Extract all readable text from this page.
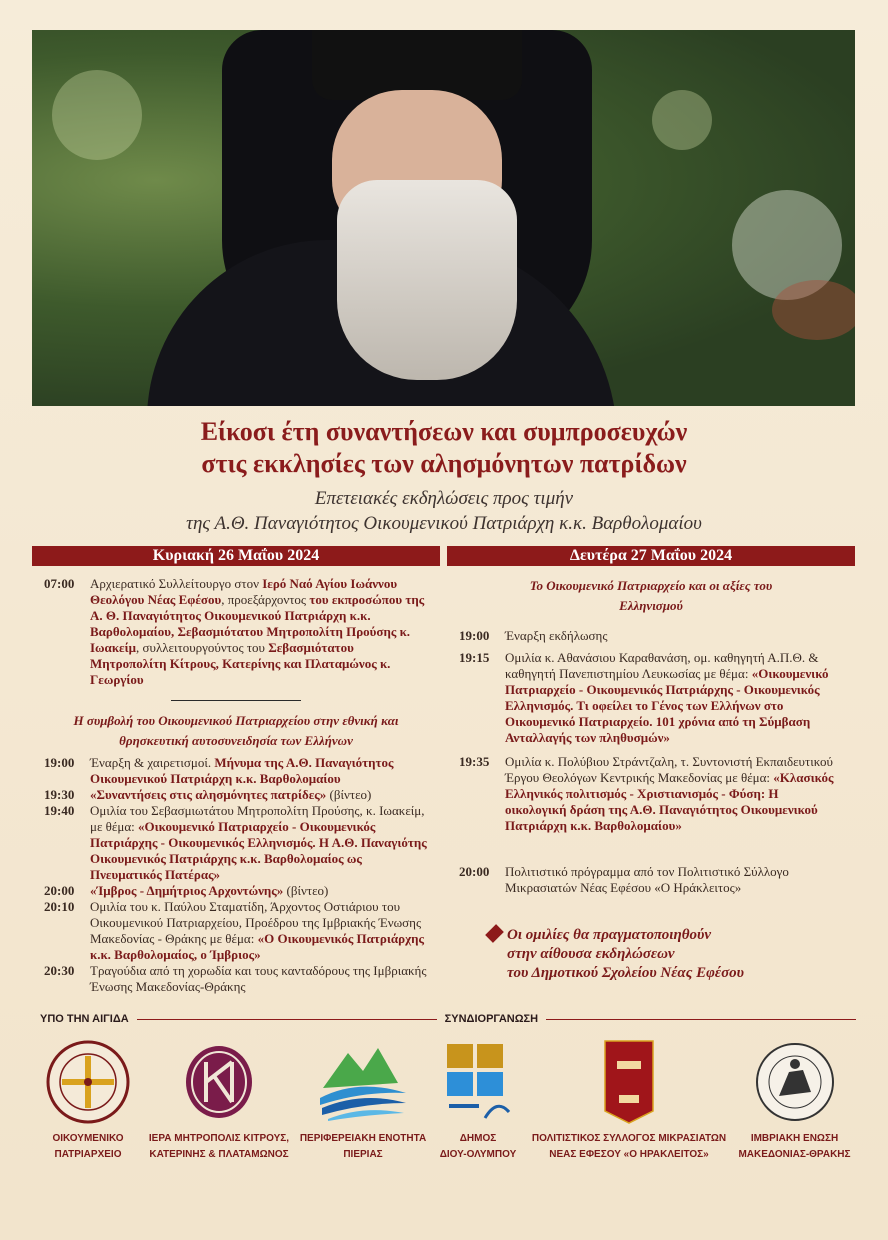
Είκοσι έτη συναντήσεων και συμπροσευχών
στις εκκλησίες των αλησμόνητων πατρίδων
Επετειακές εκδηλώσεις προς τιμήν
της Α.Θ. Παναγιότητος Οικουμενικού Πατριάρχη κ.κ. Βαρθολομαίου
Κυριακή 26 Μαΐου 2024
07:00	Αρχιερατικό Συλλείτουργο στον Ιερό Ναό Αγίου Ιωάννου Θεολόγου Νέας Εφέσου, προεξάρχοντος του εκπροσώπου της Α. Θ. Παναγιότητος Οικουμενικού Πατριάρχη κ.κ. Βαρθολομαίου, Σεβασμιότατου Μητροπολίτη Προύσης κ. Ιωακείμ, συλλειτουργούντος του Σεβασμιότατου Μητροπολίτη Κίτρους, Κατερίνης και Πλαταμώνος κ. Γεωργίου
Η συμβολή του Οικουμενικού Πατριαρχείου στην εθνική και θρησκευτική αυτοσυνειδησία των Ελλήνων
19:00	Έναρξη & χαιρετισμοί. Μήνυμα της Α.Θ. Παναγιότητος Οικουμενικού Πατριάρχη κ.κ. Βαρθολομαίου
19:30	«Συναντήσεις στις αλησμόνητες πατρίδες» (βίντεο)
19:40	Ομιλία του Σεβασμιωτάτου Μητροπολίτη Προύσης, κ. Ιωακείμ, με θέμα: «Οικουμενικό Πατριαρχείο - Οικουμενικός Πατριάρχης - Οικουμενικός Ελληνισμός. Η Α.Θ. Παναγιότης Οικουμενικός Πατριάρχης κ.κ. Βαρθολομαίος ως Πνευματικός Πατέρας»
20:00	«Ίμβρος - Δημήτριος Αρχοντώνης» (βίντεο)
20:10	Ομιλία του κ. Παύλου Σταματίδη, Άρχοντος Οστιάριου του Οικουμενικού Πατριαρχείου, Προέδρου της Ιμβριακής Ένωσης Μακεδονίας - Θράκης με θέμα: «Ο Οικουμενικός Πατριάρχης κ.κ. Βαρθολομαίος, ο Ίμβριος»
20:30	Τραγούδια από τη χορωδία και τους κανταδόρους της Ιμβριακής Ένωσης Μακεδονίας-Θράκης
Δευτέρα 27 Μαΐου 2024
Το Οικουμενικό Πατριαρχείο και οι αξίες του Ελληνισμού
19:00	Έναρξη εκδήλωσης
19:15	Ομιλία κ. Αθανάσιου Καραθανάση, ομ. καθηγητή Α.Π.Θ. & καθηγητή Πανεπιστημίου Λευκωσίας με θέμα: «Οικουμενικό Πατριαρχείο - Οικουμενικός Πατριάρχης - Οικουμενικός Ελληνισμός. Τι οφείλει το Γένος των Ελλήνων στο Οικουμενικό Πατριαρχείο. 101 χρόνια από τη Σύμβαση Ανταλλαγής των πληθυσμών»
19:35	Ομιλία κ. Πολύβιου Στράντζαλη, τ. Συντονιστή Εκπαιδευτικού Έργου Θεολόγων Κεντρικής Μακεδονίας με θέμα: «Κλασικός Ελληνικός πολιτισμός - Χριστιανισμός - Φύση: Η οικολογική δράση της Α.Θ. Παναγιότητος Οικουμενικού Πατριάρχη κ.κ. Βαρθολομαίου»
20:00	Πολιτιστικό πρόγραμμα από τον Πολιτιστικό Σύλλογο Μικρασιατών Νέας Εφέσου «Ο Ηράκλειτος»
Οι ομιλίες θα πραγματοποιηθούν
στην αίθουσα εκδηλώσεων
του Δημοτικού Σχολείου Νέας Εφέσου
ΥΠΟ ΤΗΝ ΑΙΓΙΔΑ	ΣΥΝΔΙΟΡΓΑΝΩΣΗ
ΟΙΚΟΥΜΕΝΙΚΟ
ΠΑΤΡΙΑΡΧΕΙΟ
ΙΕΡΑ ΜΗΤΡΟΠΟΛΙΣ ΚΙΤΡΟΥΣ,
ΚΑΤΕΡΙΝΗΣ & ΠΛΑΤΑΜΩΝΟΣ
ΠΕΡΙΦΕΡΕΙΑΚΗ ΕΝΟΤΗΤΑ
ΠΙΕΡΙΑΣ
ΔΗΜΟΣ
ΔΙΟΥ-ΟΛΥΜΠΟΥ
ΠΟΛΙΤΙΣΤΙΚΟΣ ΣΥΛΛΟΓΟΣ ΜΙΚΡΑΣΙΑΤΩΝ
ΝΕΑΣ ΕΦΕΣΟΥ «Ο ΗΡΑΚΛΕΙΤΟΣ»
ΙΜΒΡΙΑΚΗ ΕΝΩΣΗ
ΜΑΚΕΔΟΝΙΑΣ-ΘΡΑΚΗΣ
